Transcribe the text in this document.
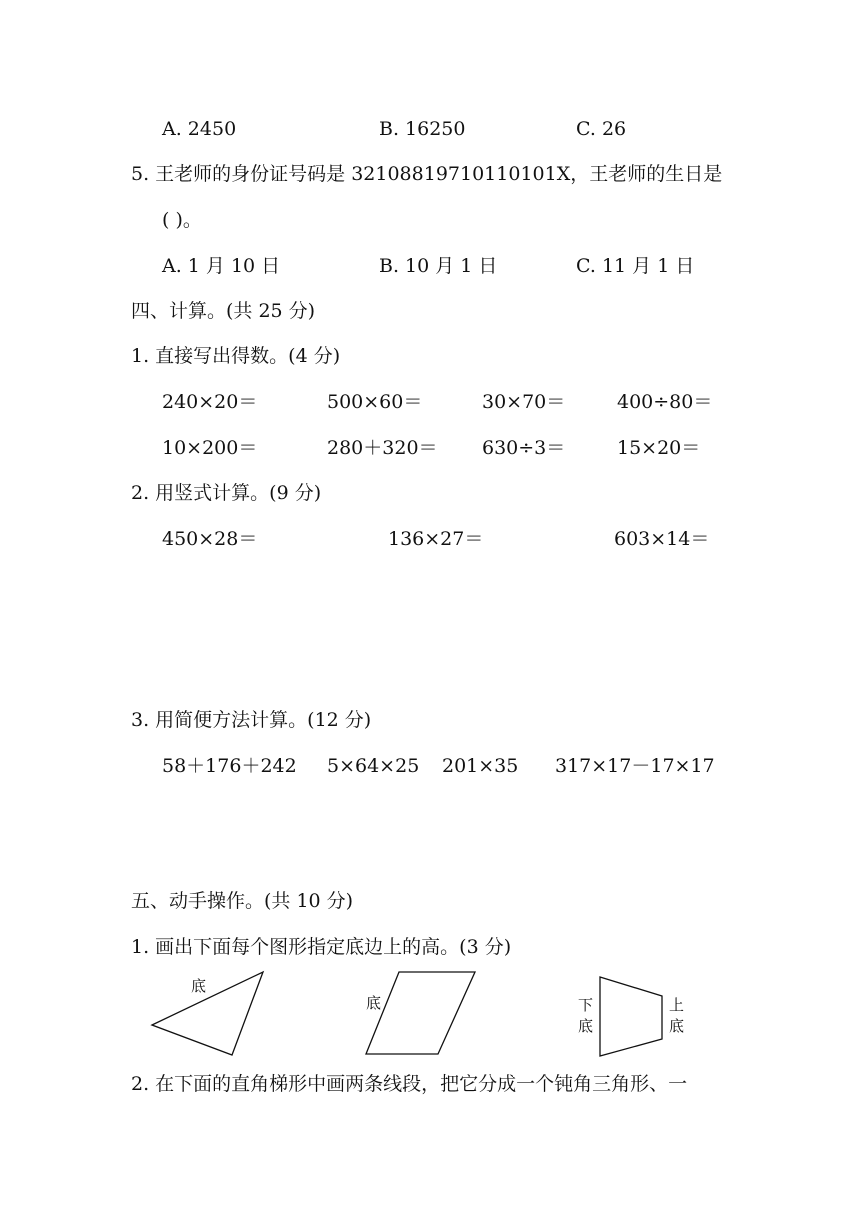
A. 2450	B. 16250	C. 26
5. 王老师的身份证号码是 3210881971011010​1X，王老师的生日是
( )。
A. 1 月 10 日	B. 10 月 1 日	C. 11 月 1 日
四、计算。(共 25 分)
1. 直接写出得数。(4 分)
240×20＝	500×60＝	30×70＝	400÷80＝
10×200＝	280＋320＝ 630÷3＝	15×20＝
2. 用竖式计算。(9 分)
450×28＝	136×27＝	603×14＝
3. 用简便方法计算。(12 分)
58＋176＋242 5×64×25 201×35 317×17－17×17
五、动手操作。(共 10 分)
1. 画出下面每个图形指定底边上的高。(3 分)
底
底	下
底
上
底
2. 在下面的直角梯形中画两条线段，把它分成一个钝角三角形、一
